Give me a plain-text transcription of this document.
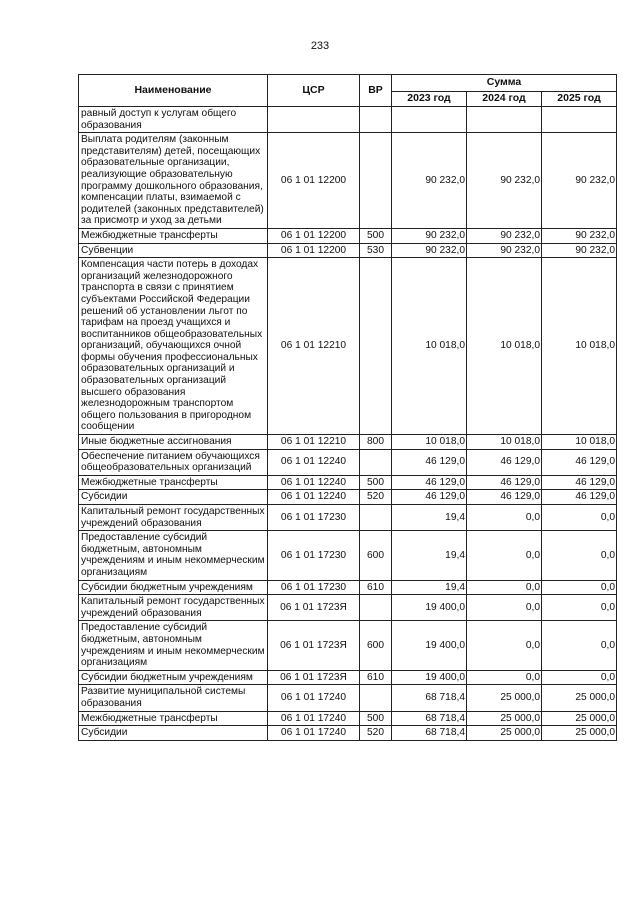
233
Наименование	ЦСР	ВР	Сумма		
			2023 год	2024 год	2025 год
равный доступ к услугам общего образования					
Выплата родителям (законным представителям) детей, посещающих образовательные организации, реализующие образовательную программу дошкольного образования, компенсации платы, взимаемой с родителей (законных представителей) за присмотр и уход за детьми	06 1 01 12200		90 232,0	90 232,0	90 232,0
Межбюджетные трансферты	06 1 01 12200	500	90 232,0	90 232,0	90 232,0
Субвенции	06 1 01 12200	530	90 232,0	90 232,0	90 232,0
Компенсация части потерь в доходах организаций железнодорожного транспорта в связи с принятием субъектами Российской Федерации решений об установлении льгот по тарифам на проезд учащихся и воспитанников общеобразовательных организаций, обучающихся очной формы обучения профессиональных образовательных организаций и образовательных организаций высшего образования железнодорожным транспортом общего пользования в пригородном сообщении	06 1 01 12210		10 018,0	10 018,0	10 018,0
Иные бюджетные ассигнования	06 1 01 12210	800	10 018,0	10 018,0	10 018,0
Обеспечение питанием обучающихся общеобразовательных организаций	06 1 01 12240		46 129,0	46 129,0	46 129,0
Межбюджетные трансферты	06 1 01 12240	500	46 129,0	46 129,0	46 129,0
Субсидии	06 1 01 12240	520	46 129,0	46 129,0	46 129,0
Капитальный ремонт государственных учреждений образования	06 1 01 17230		19,4	0,0	0,0
Предоставление субсидий бюджетным, автономным учреждениям и иным некоммерческим организациям	06 1 01 17230	600	19,4	0,0	0,0
Субсидии бюджетным учреждениям	06 1 01 17230	610	19,4	0,0	0,0
Капитальный ремонт государственных учреждений образования	06 1 01 1723Я		19 400,0	0,0	0,0
Предоставление субсидий бюджетным, автономным учреждениям и иным некоммерческим организациям	06 1 01 1723Я	600	19 400,0	0,0	0,0
Субсидии бюджетным учреждениям	06 1 01 1723Я	610	19 400,0	0,0	0,0
Развитие муниципальной системы образования	06 1 01 17240		68 718,4	25 000,0	25 000,0
Межбюджетные трансферты	06 1 01 17240	500	68 718,4	25 000,0	25 000,0
Субсидии	06 1 01 17240	520	68 718,4	25 000,0	25 000,0
